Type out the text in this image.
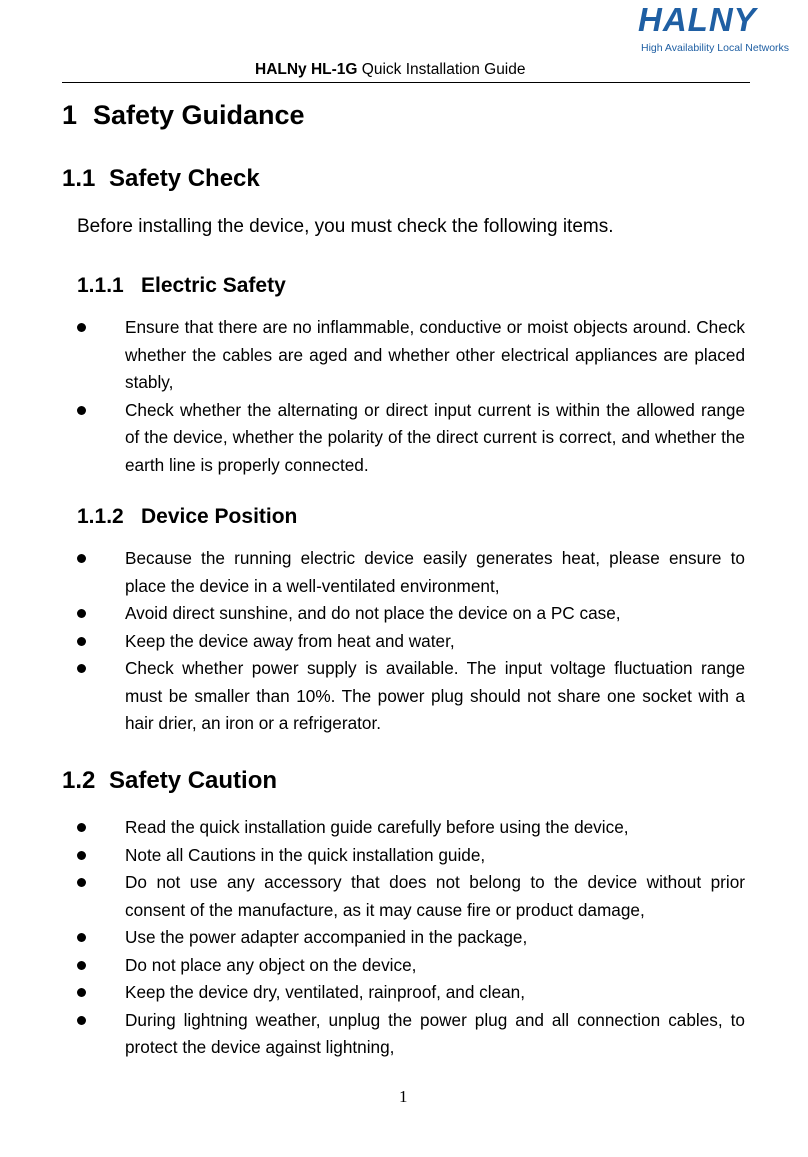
HALNY
High Availability Local Networks
HALNy HL-1G Quick Installation Guide
1 Safety Guidance
1.1 Safety Check
Before installing the device, you must check the following items.
1.1.1 Electric Safety
Ensure that there are no inflammable, conductive or moist objects around. Check whether the cables are aged and whether other electrical appliances are placed stably,
Check whether the alternating or direct input current is within the allowed range of the device, whether the polarity of the direct current is correct, and whether the earth line is properly connected.
1.1.2 Device Position
Because the running electric device easily generates heat, please ensure to place the device in a well-ventilated environment,
Avoid direct sunshine, and do not place the device on a PC case,
Keep the device away from heat and water,
Check whether power supply is available. The input voltage fluctuation range must be smaller than 10%. The power plug should not share one socket with a hair drier, an iron or a refrigerator.
1.2 Safety Caution
Read the quick installation guide carefully before using the device,
Note all Cautions in the quick installation guide,
Do not use any accessory that does not belong to the device without prior consent of the manufacture, as it may cause fire or product damage,
Use the power adapter accompanied in the package,
Do not place any object on the device,
Keep the device dry, ventilated, rainproof, and clean,
During lightning weather, unplug the power plug and all connection cables, to protect the device against lightning,
1
